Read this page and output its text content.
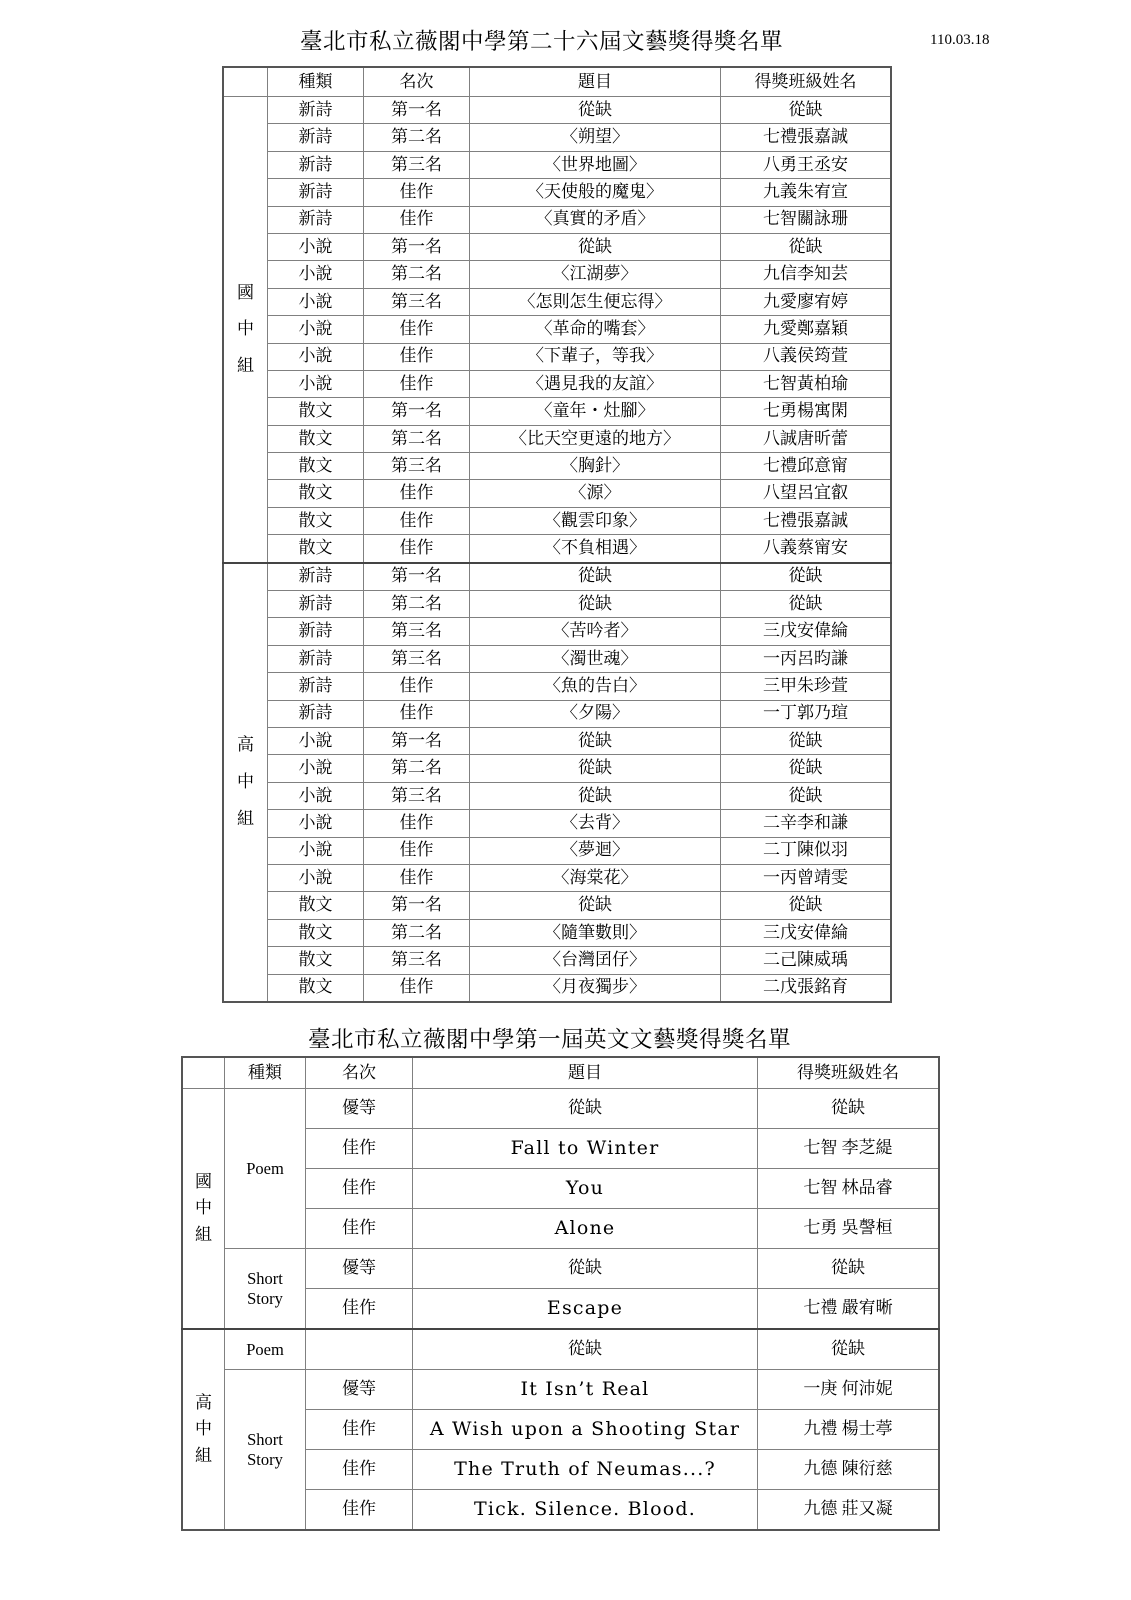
臺北市私立薇閣中學第二十六屆文藝獎得獎名單	110.03.18
	種類	名次	題目	得獎班級姓名

國
中
組	新詩	第一名	從缺	從缺
	新詩	第二名	〈朔望〉	七禮張嘉誠
	新詩	第三名	〈世界地圖〉	八勇王丞安
	新詩	佳作	〈天使般的魔鬼〉	九義朱宥宣
	新詩	佳作	〈真實的矛盾〉	七智關詠珊
	小說	第一名	從缺	從缺
	小說	第二名	〈江湖夢〉	九信李知芸
	小說	第三名	〈怎則怎生便忘得〉	九愛廖宥婷
	小說	佳作	〈革命的嘴套〉	九愛鄭嘉穎
	小說	佳作	〈下輩子，等我〉	八義侯筠萱
	小說	佳作	〈遇見我的友誼〉	七智黃柏瑜
	散文	第一名	〈童年・灶腳〉	七勇楊寓閑
	散文	第二名	〈比天空更遠的地方〉	八誠唐昕蕾
	散文	第三名	〈胸針〉	七禮邱意甯
	散文	佳作	〈源〉	八望呂宜叡
	散文	佳作	〈觀雲印象〉	七禮張嘉誠
	散文	佳作	〈不負相遇〉	八義蔡甯安

高
中
組	新詩	第一名	從缺	從缺
	新詩	第二名	從缺	從缺
	新詩	第三名	〈苦吟者〉	三戊安偉綸
	新詩	第三名	〈濁世魂〉	一丙呂昀謙
	新詩	佳作	〈魚的告白〉	三甲朱珍萱
	新詩	佳作	〈夕陽〉	一丁郭乃瑄
	小說	第一名	從缺	從缺
	小說	第二名	從缺	從缺
	小說	第三名	從缺	從缺
	小說	佳作	〈去背〉	二辛李和謙
	小說	佳作	〈夢迴〉	二丁陳似羽
	小說	佳作	〈海棠花〉	一丙曾靖雯
	散文	第一名	從缺	從缺
	散文	第二名	〈隨筆數則〉	三戊安偉綸
	散文	第三名	〈台灣囝仔〉	二己陳威瑀
	散文	佳作	〈月夜獨步〉	二戊張銘育
臺北市私立薇閣中學第一屆英文文藝獎得獎名單
	種類	名次	題目	得獎班級姓名
國
中
組	Poem	優等	從缺	從缺
		佳作	Fall to Winter	七智 李芝緹
		佳作	You	七智 林品睿
		佳作	Alone	七勇 吳謦桓
	Short
Story	優等	從缺	從缺
		佳作	Escape	七禮 嚴宥晰
高
中
組	Poem		從缺	從缺
	Short
Story	優等	It Isn’t Real	一庚 何沛妮
		佳作	A Wish upon a Shooting Star	九禮 楊士葶
		佳作	The Truth of Neumas...?	九德 陳衍慈
		佳作	Tick. Silence. Blood.	九德 莊又凝
